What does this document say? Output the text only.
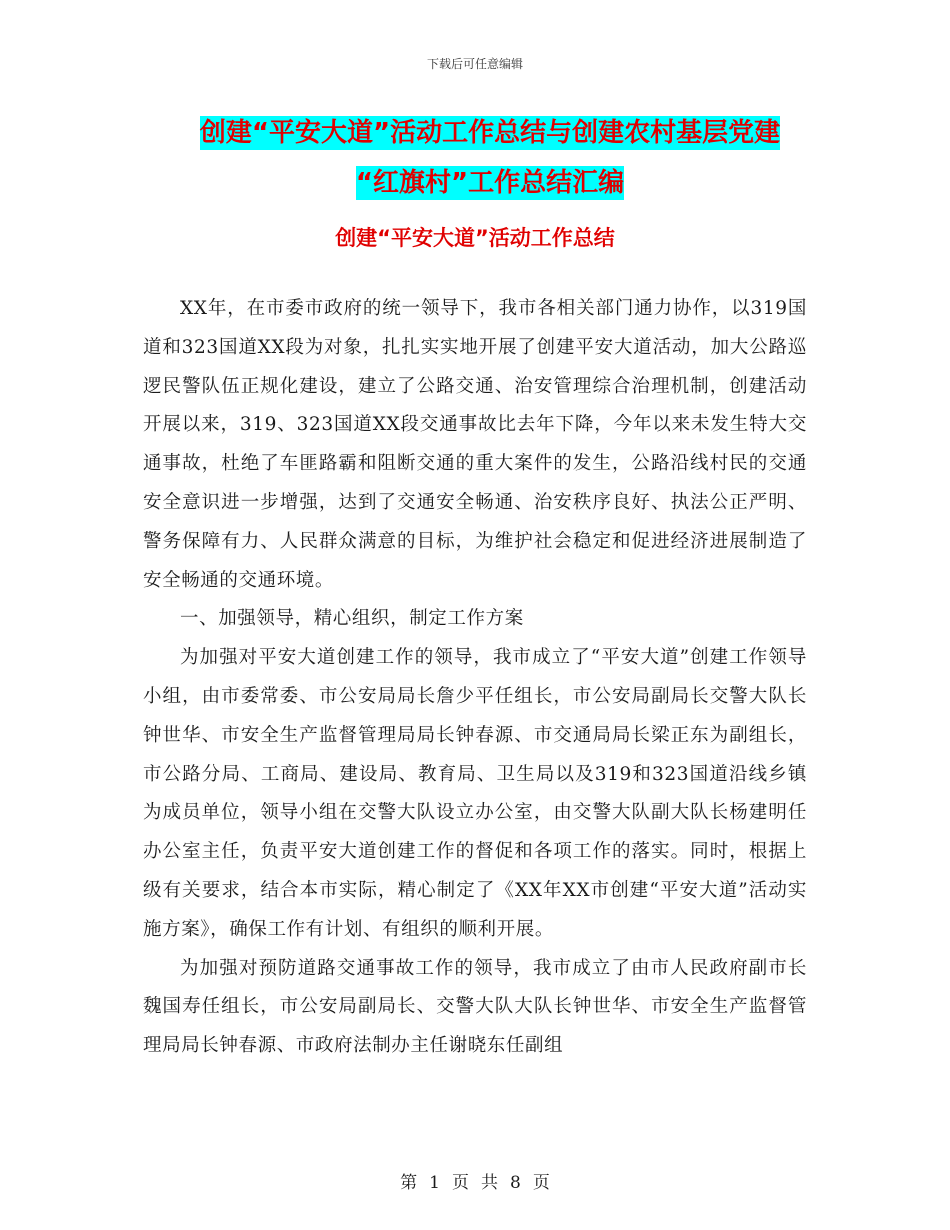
下载后可任意编辑
创建“平安大道”活动工作总结与创建农村基层党建
“红旗村”工作总结汇编
创建“平安大道”活动工作总结

XX年，在市委市政府的统一领导下，我市各相关部门通力协作，以319国道和323国道XX段为对象，扎扎实实地开展了创建平安大道活动，加大公路巡逻民警队伍正规化建设，建立了公路交通、治安管理综合治理机制，创建活动开展以来，319、323国道XX段交通事故比去年下降，今年以来未发生特大交通事故，杜绝了车匪路霸和阻断交通的重大案件的发生，公路沿线村民的交通安全意识进一步增强，达到了交通安全畅通、治安秩序良好、执法公正严明、警务保障有力、人民群众满意的目标，为维护社会稳定和促进经济进展制造了安全畅通的交通环境。

一、加强领导，精心组织，制定工作方案

为加强对平安大道创建工作的领导，我市成立了“平安大道”创建工作领导小组，由市委常委、市公安局局长詹少平任组长，市公安局副局长交警大队长钟世华、市安全生产监督管理局局长钟春源、市交通局局长梁正东为副组长，市公路分局、工商局、建设局、教育局、卫生局以及319和323国道沿线乡镇为成员单位，领导小组在交警大队设立办公室，由交警大队副大队长杨建明任办公室主任，负责平安大道创建工作的督促和各项工作的落实。同时，根据上级有关要求，结合本市实际，精心制定了《XX年XX市创建“平安大道”活动实施方案》，确保工作有计划、有组织的顺利开展。

为加强对预防道路交通事故工作的领导，我市成立了由市人民政府副市长魏国寿任组长，市公安局副局长、交警大队大队长钟世华、市安全生产监督管理局局长钟春源、市政府法制办主任谢晓东任副组

第 1 页 共 8 页
